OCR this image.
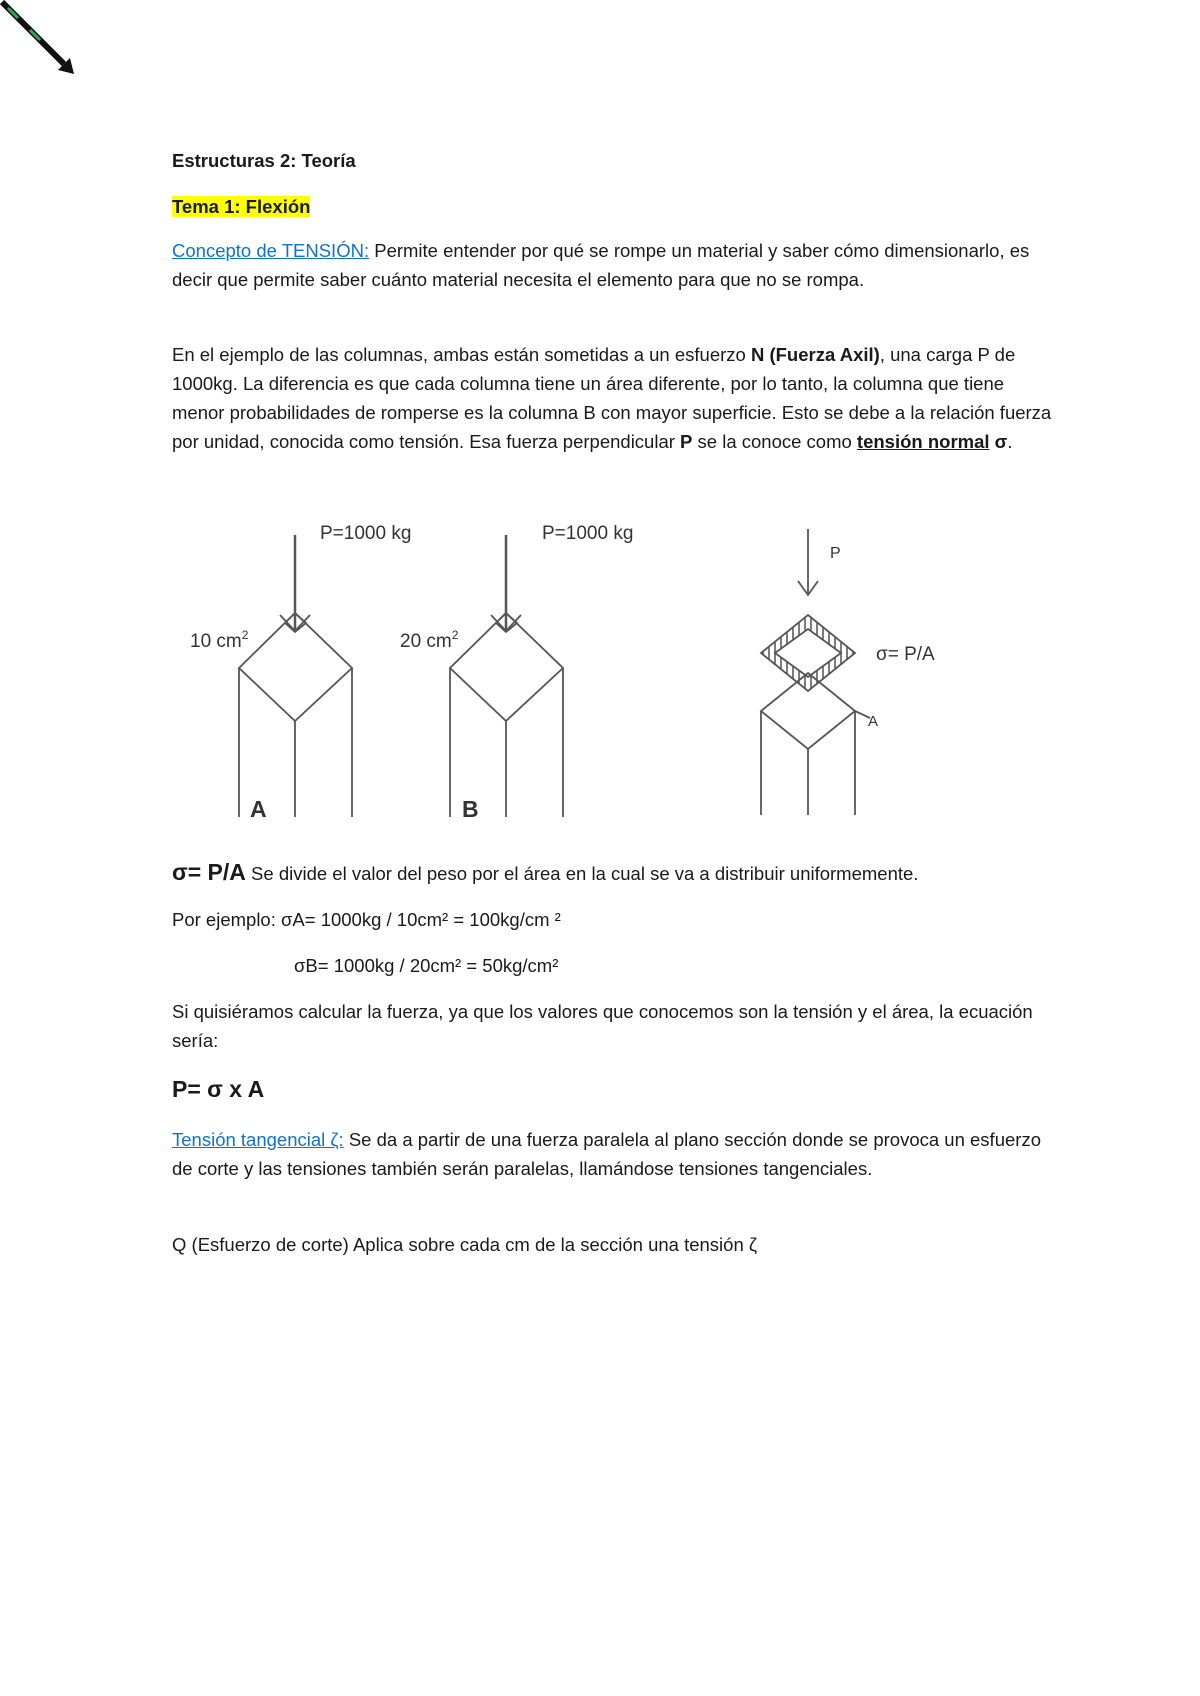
Estructuras 2: Teoría
Tema 1: Flexión

Concepto de TENSIÓN: Permite entender por qué se rompe un material y saber cómo dimensionarlo, es decir que permite saber cuánto material necesita el elemento para que no se rompa.

En el ejemplo de las columnas, ambas están sometidas a un esfuerzo N (Fuerza Axil), una carga P de 1000kg. La diferencia es que cada columna tiene un área diferente, por lo tanto, la columna que tiene menor probabilidades de romperse es la columna B con mayor superficie. Esto se debe a la relación fuerza por unidad, conocida como tensión. Esa fuerza perpendicular P se la conoce como tensión normal σ.

σ= P/A Se divide el valor del peso por el área en la cual se va a distribuir uniformemente.

Por ejemplo: σA= 1000kg / 10cm² = 100kg/cm ²
σB= 1000kg / 20cm² = 50kg/cm²

Si quisiéramos calcular la fuerza, ya que los valores que conocemos son la tensión y el área, la ecuación sería:

P= σ x A

Tensión tangencial ζ: Se da a partir de una fuerza paralela al plano sección donde se provoca un esfuerzo de corte y las tensiones también serán paralelas, llamándose tensiones tangenciales.

Q (Esfuerzo de corte) Aplica sobre cada cm de la sección una tensión ζ
P=1000 kg
10 $cm^2$
A
P=1000 kg
20 $cm^2$
B
P
σ= P/A
A
